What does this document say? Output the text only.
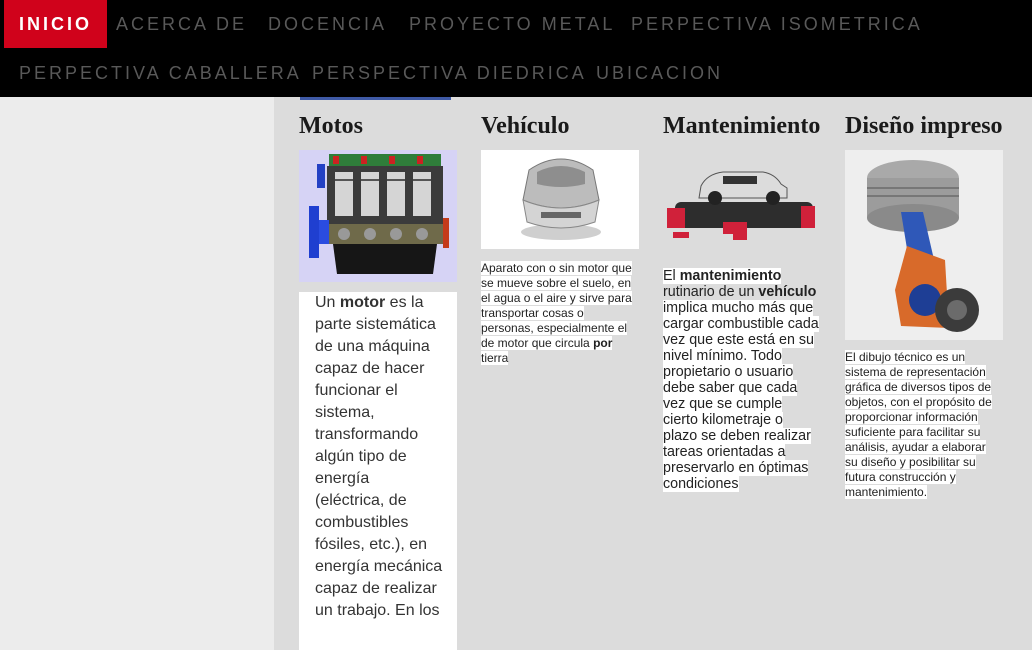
INICIO	ACERCA DE DOCENCIA PROYECTO METAL PERPECTIVA ISOMETRICA
PERPECTIVA CABALLERA PERSPECTIVA DIEDRICA UBICACION
Motos

Un motor es la parte sistemática de una máquina capaz de hacer funcionar el sistema, transformando algún tipo de energía (eléctrica, de combustibles fósiles, etc.), en energía mecánica capaz de realizar un trabajo. En los

Vehículo
Aparato con o sin motor que se mueve sobre el suelo, en el agua o el aire y sirve para transportar cosas o personas, especialmente el de motor que circula por tierra
Mantenimiento
El mantenimiento rutinario de un vehículo implica mucho más que cargar combustible cada vez que este está en su nivel mínimo. Todo propietario o usuario debe saber que cada vez que se cumple cierto kilometraje o plazo se deben realizar tareas orientadas a preservarlo en óptimas condiciones
Diseño impreso
El dibujo técnico es un sistema de representación gráfica de diversos tipos de objetos, con el propósito de proporcionar información suficiente para facilitar su análisis, ayudar a elaborar su diseño y posibilitar su futura construcción y mantenimiento.
